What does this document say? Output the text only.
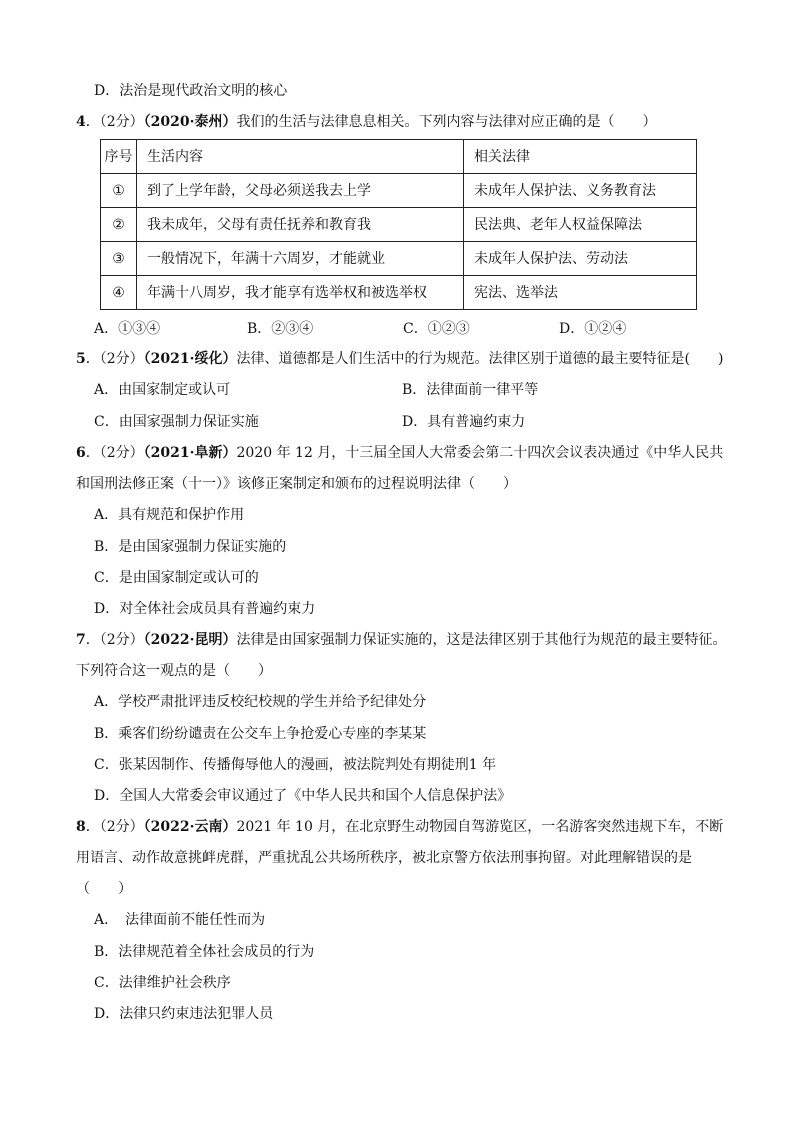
D．法治是现代政治文明的核心
4．（2分）（2020·泰州）我们的生活与法律息息相关。下列内容与法律对应正确的是（　　）
序号	生活内容	相关法律
①	到了上学年龄，父母必须送我去上学	未成年人保护法、义务教育法
②	我未成年，父母有责任抚养和教育我	民法典、老年人权益保障法
③	一般情况下，年满十六周岁，才能就业	未成年人保护法、劳动法
④	年满十八周岁，我才能享有选举权和被选举权	宪法、选举法
A．①③④	B．②③④	C．①②③	D．①②④
5．（2分）（2021·绥化）法律、道德都是人们生活中的行为规范。法律区别于道德的最主要特征是(　　)
A．由国家制定或认可	B．法律面前一律平等
C．由国家强制力保证实施	D．具有普遍约束力
6．（2分）（2021·阜新）2020 年 12 月，十三届全国人大常委会第二十四次会议表决通过《中华人民共
和国刑法修正案（十一）》该修正案制定和颁布的过程说明法律（　　）
A．具有规范和保护作用
B．是由国家强制力保证实施的
C．是由国家制定或认可的
D．对全体社会成员具有普遍约束力
7．（2分）（2022·昆明）法律是由国家强制力保证实施的，这是法律区别于其他行为规范的最主要特征。
下列符合这一观点的是（　　）
A．学校严肃批评违反校纪校规的学生并给予纪律处分
B．乘客们纷纷谴责在公交车上争抢爱心专座的李某某
C．张某因制作、传播侮辱他人的漫画，被法院判处有期徒刑1 年
D．全国人大常委会审议通过了《中华人民共和国个人信息保护法》
8．（2分）（2022·云南）2021 年 10 月，在北京野生动物园自驾游览区，一名游客突然违规下车，不断
用语言、动作故意挑衅虎群，严重扰乱公共场所秩序，被北京警方依法刑事拘留。对此理解错误的是
（　　）
A．　法律面前不能任性而为
B．法律规范着全体社会成员的行为
C．法律维护社会秩序
D．法律只约束违法犯罪人员
